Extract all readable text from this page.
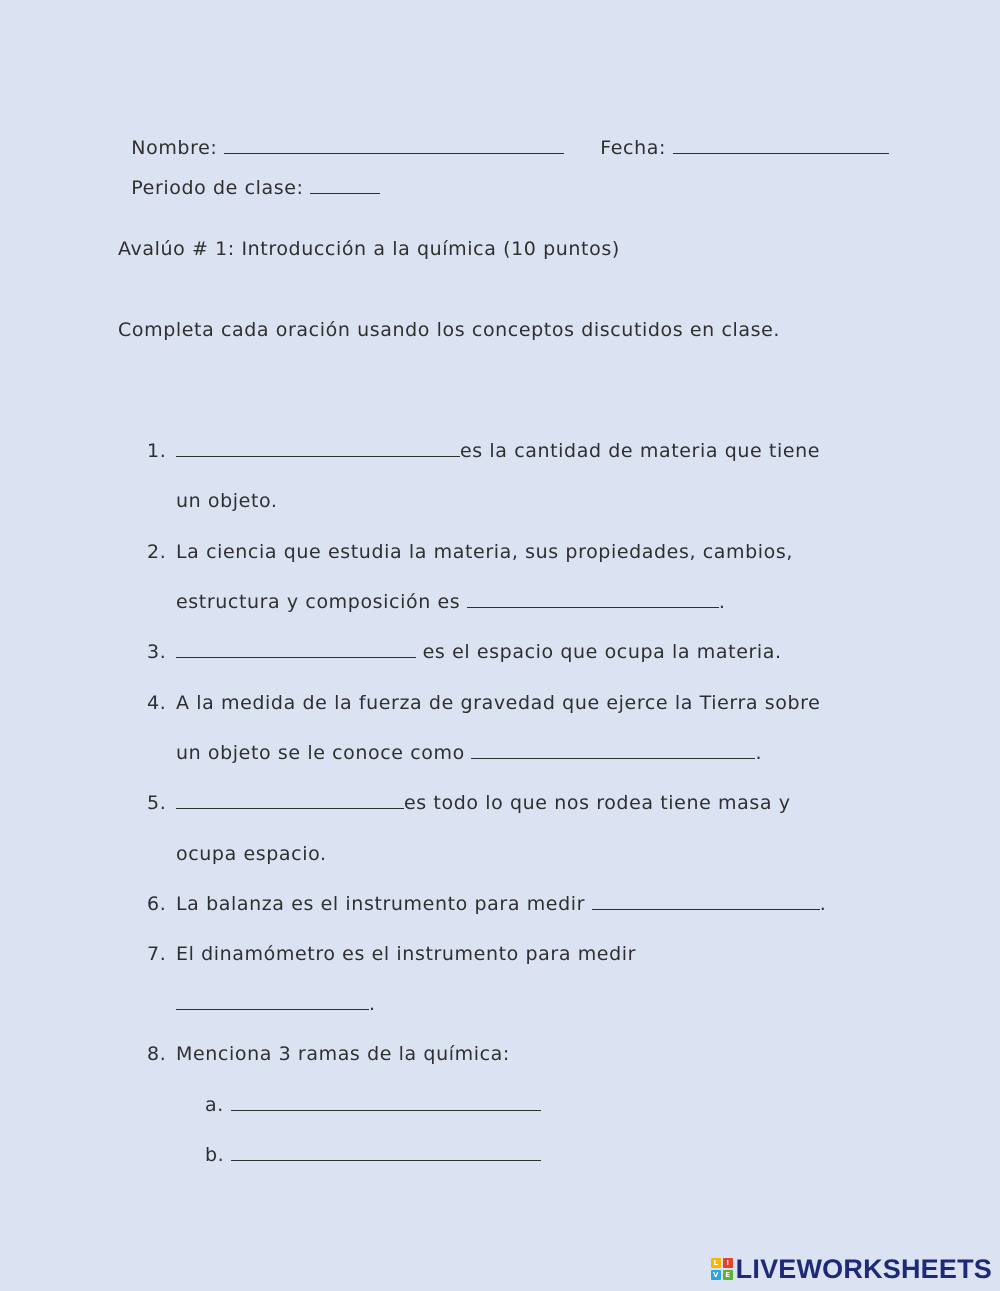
Nombre:	Fecha:

Periodo de clase:

Avalúo # 1: Introducción a la química (10 puntos)
Completa cada oración usando los conceptos discutidos en clase.
1.	es la cantidad de materia que tiene
un objeto.
2. La ciencia que estudia la materia, sus propiedades, cambios,
estructura y composición es	.
3.	es el espacio que ocupa la materia.
4. A la medida de la fuerza de gravedad que ejerce la Tierra sobre
un objeto se le conoce como	.
5.	es todo lo que nos rodea tiene masa y
ocupa espacio.
6. La balanza es el instrumento para medir	.
7. El dinamómetro es el instrumento para medir
.
8. Menciona 3 ramas de la química:
a.
b.
L	I
V E LIVEWORKSHEETS
